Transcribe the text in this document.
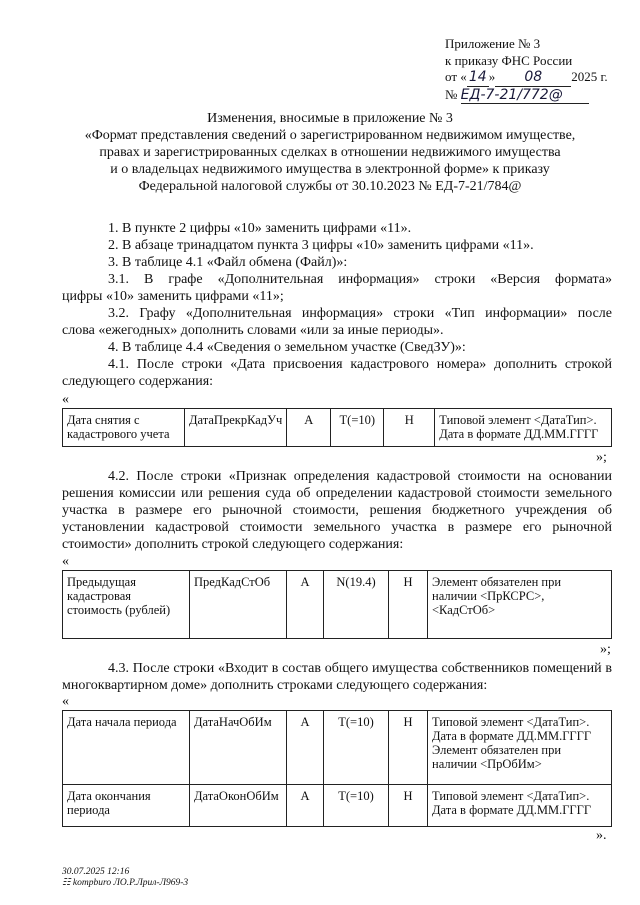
Приложение № 3
к приказу ФНС России
от « 14 » 08 2025 г.
№ ЕД-7-21/772@
Изменения, вносимые в приложение № 3
«Формат представления сведений о зарегистрированном недвижимом имуществе,
правах и зарегистрированных сделках в отношении недвижимого имущества
и о владельцах недвижимого имущества в электронной форме» к приказу
Федеральной налоговой службы от 30.10.2023 № ЕД-7-21/784@
1. В пункте 2 цифры «10» заменить цифрами «11».
2. В абзаце тринадцатом пункта 3 цифры «10» заменить цифрами «11».
3. В таблице 4.1 «Файл обмена (Файл)»:
3.1. В графе «Дополнительная информация» строки «Версия формата»
цифры «10» заменить цифрами «11»;
3.2. Графу «Дополнительная информация» строки «Тип информации» после
слова «ежегодных» дополнить словами «или за иные периоды».
4. В таблице 4.4 «Сведения о земельном участке (СведЗУ)»:
4.1. После строки «Дата присвоения кадастрового номера» дополнить строкой
следующего содержания:
«
Дата снятия с кадастрового учета	ДатаПрекрКадУч	А	T(=10)	Н	Типовой элемент <ДатаТип>. Дата в формате ДД.ММ.ГГГГ
»;
4.2. После строки «Признак определения кадастровой стоимости на основании решения комиссии или решения суда об определении кадастровой стоимости земельного участка в размере его рыночной стоимости, решения бюджетного учреждения об установлении кадастровой стоимости земельного участка в размере его рыночной стоимости» дополнить строкой следующего содержания:
«
Предыдущая кадастровая стоимость (рублей)	ПредКадСтОб	А	N(19.4)	Н	Элемент обязателен при наличии <ПрКСРС>, <КадСтОб>
»;
4.3. После строки «Входит в состав общего имущества собственников помещений в многоквартирном доме» дополнить строками следующего содержания:
«
Дата начала периода	ДатаНачОбИм	А	T(=10)	Н	Типовой элемент <ДатаТип>. Дата в формате ДД.ММ.ГГГГ Элемент обязателен при наличии <ПрОбИм>
Дата окончания периода	ДатаОконОбИм	А	T(=10)	Н	Типовой элемент <ДатаТип>. Дата в формате ДД.ММ.ГГГГ
».
30.07.2025 12:16
☷ kompburo ЛО.Р.Лрил-Л969-3
